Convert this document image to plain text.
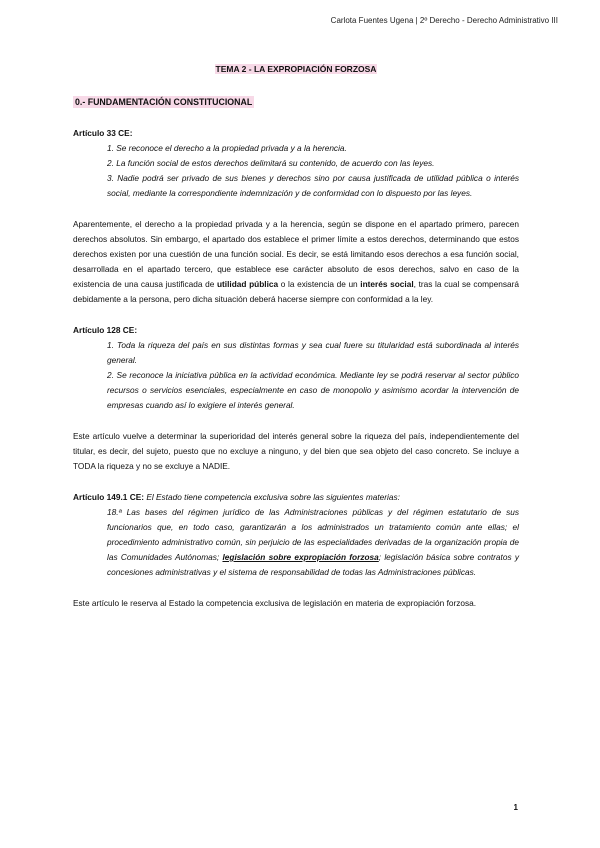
Carlota Fuentes Ugena | 2º Derecho - Derecho Administrativo III
TEMA 2 - LA EXPROPIACIÓN FORZOSA
0.- FUNDAMENTACIÓN CONSTITUCIONAL

Artículo 33 CE:

1. Se reconoce el derecho a la propiedad privada y a la herencia.
2. La función social de estos derechos delimitará su contenido, de acuerdo con las leyes.
3. Nadie podrá ser privado de sus bienes y derechos sino por causa justificada de utilidad pública o interés social, mediante la correspondiente indemnización y de conformidad con lo dispuesto por las leyes.

Aparentemente, el derecho a la propiedad privada y a la herencia, según se dispone en el apartado primero, parecen derechos absolutos. Sin embargo, el apartado dos establece el primer límite a estos derechos, determinando que estos derechos existen por una cuestión de una función social. Es decir, se está limitando esos derechos a esa función social, desarrollada en el apartado tercero, que establece ese carácter absoluto de esos derechos, salvo en caso de la existencia de una causa justificada de utilidad pública o la existencia de un interés social, tras la cual se compensará debidamente a la persona, pero dicha situación deberá hacerse siempre con conformidad a la ley.

Artículo 128 CE:

1. Toda la riqueza del país en sus distintas formas y sea cual fuere su titularidad está subordinada al interés general.
2. Se reconoce la iniciativa pública en la actividad económica. Mediante ley se podrá reservar al sector público recursos o servicios esenciales, especialmente en caso de monopolio y asimismo acordar la intervención de empresas cuando así lo exigiere el interés general.

Este artículo vuelve a determinar la superioridad del interés general sobre la riqueza del país, independientemente del titular, es decir, del sujeto, puesto que no excluye a ninguno, y del bien que sea objeto del caso concreto. Se incluye a TODA la riqueza y no se excluye a NADIE.

Artículo 149.1 CE: El Estado tiene competencia exclusiva sobre las siguientes materias:

18.ª Las bases del régimen jurídico de las Administraciones públicas y del régimen estatutario de sus funcionarios que, en todo caso, garantizarán a los administrados un tratamiento común ante ellas; el procedimiento administrativo común, sin perjuicio de las especialidades derivadas de la organización propia de las Comunidades Autónomas; legislación sobre expropiación forzosa; legislación básica sobre contratos y concesiones administrativas y el sistema de responsabilidad de todas las Administraciones públicas.

Este artículo le reserva al Estado la competencia exclusiva de legislación en materia de expropiación forzosa.

1
